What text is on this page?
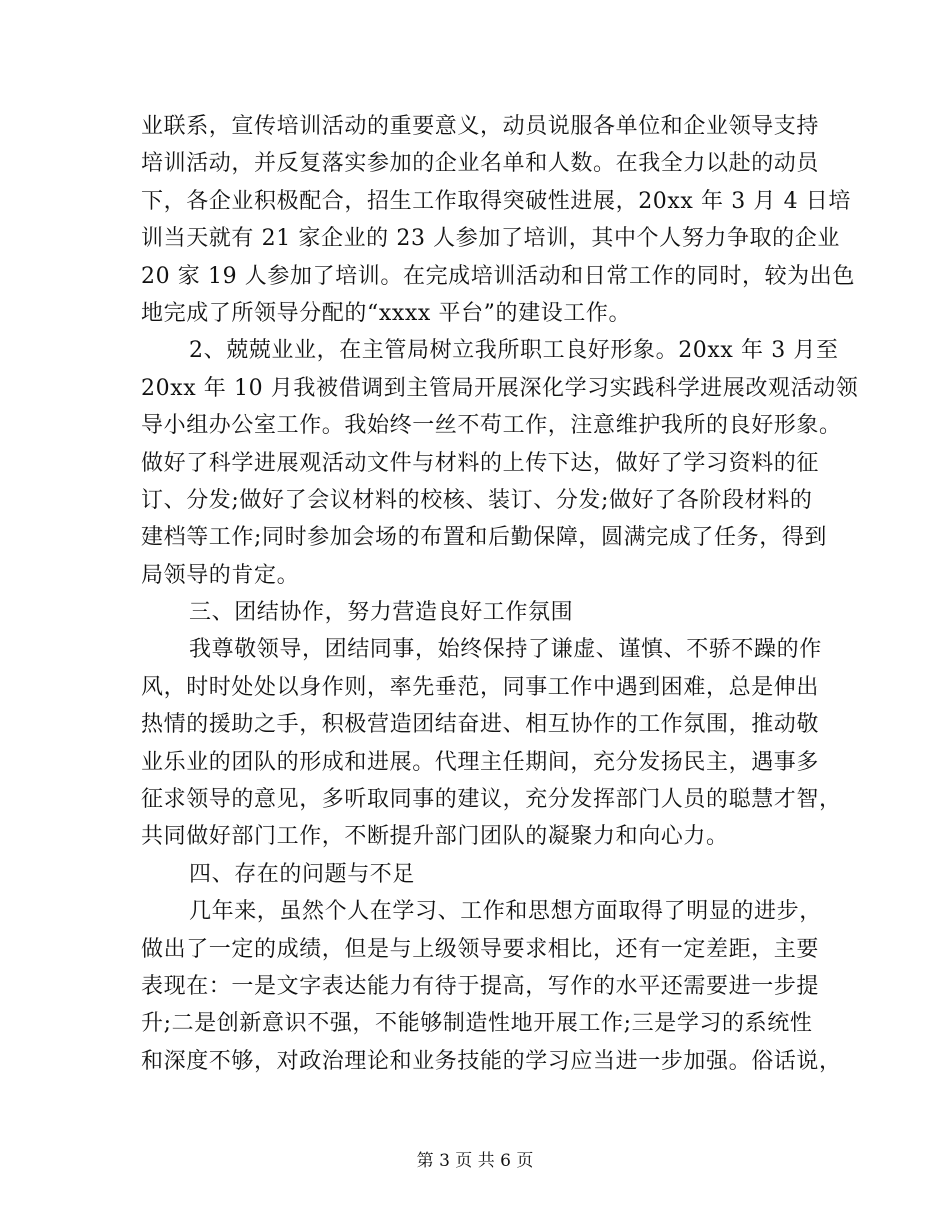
业联系，宣传培训活动的重要意义，动员说服各单位和企业领导支持
培训活动，并反复落实参加的企业名单和人数。在我全力以赴的动员
下，各企业积极配合，招生工作取得突破性进展，20xx 年 3 月 4 日培
训当天就有 21 家企业的 23 人参加了培训，其中个人努力争取的企业
20 家 19 人参加了培训。在完成培训活动和日常工作的同时，较为出色
地完成了所领导分配的“xxxx 平台”的建设工作。
2、兢兢业业，在主管局树立我所职工良好形象。20xx 年 3 月至
20xx 年 10 月我被借调到主管局开展深化学习实践科学进展改观活动领
导小组办公室工作。我始终一丝不苟工作，注意维护我所的良好形象。
做好了科学进展观活动文件与材料的上传下达，做好了学习资料的征
订、分发;做好了会议材料的校核、装订、分发;做好了各阶段材料的
建档等工作;同时参加会场的布置和后勤保障，圆满完成了任务，得到
局领导的肯定。
三、团结协作，努力营造良好工作氛围
我尊敬领导，团结同事，始终保持了谦虚、谨慎、不骄不躁的作
风，时时处处以身作则，率先垂范，同事工作中遇到困难，总是伸出
热情的援助之手，积极营造团结奋进、相互协作的工作氛围，推动敬
业乐业的团队的形成和进展。代理主任期间，充分发扬民主，遇事多
征求领导的意见，多听取同事的建议，充分发挥部门人员的聪慧才智，
共同做好部门工作，不断提升部门团队的凝聚力和向心力。
四、存在的问题与不足
几年来，虽然个人在学习、工作和思想方面取得了明显的进步，
做出了一定的成绩，但是与上级领导要求相比，还有一定差距，主要
表现在：一是文字表达能力有待于提高，写作的水平还需要进一步提
升;二是创新意识不强，不能够制造性地开展工作;三是学习的系统性
和深度不够，对政治理论和业务技能的学习应当进一步加强。俗话说，
第 3 页 共 6 页
